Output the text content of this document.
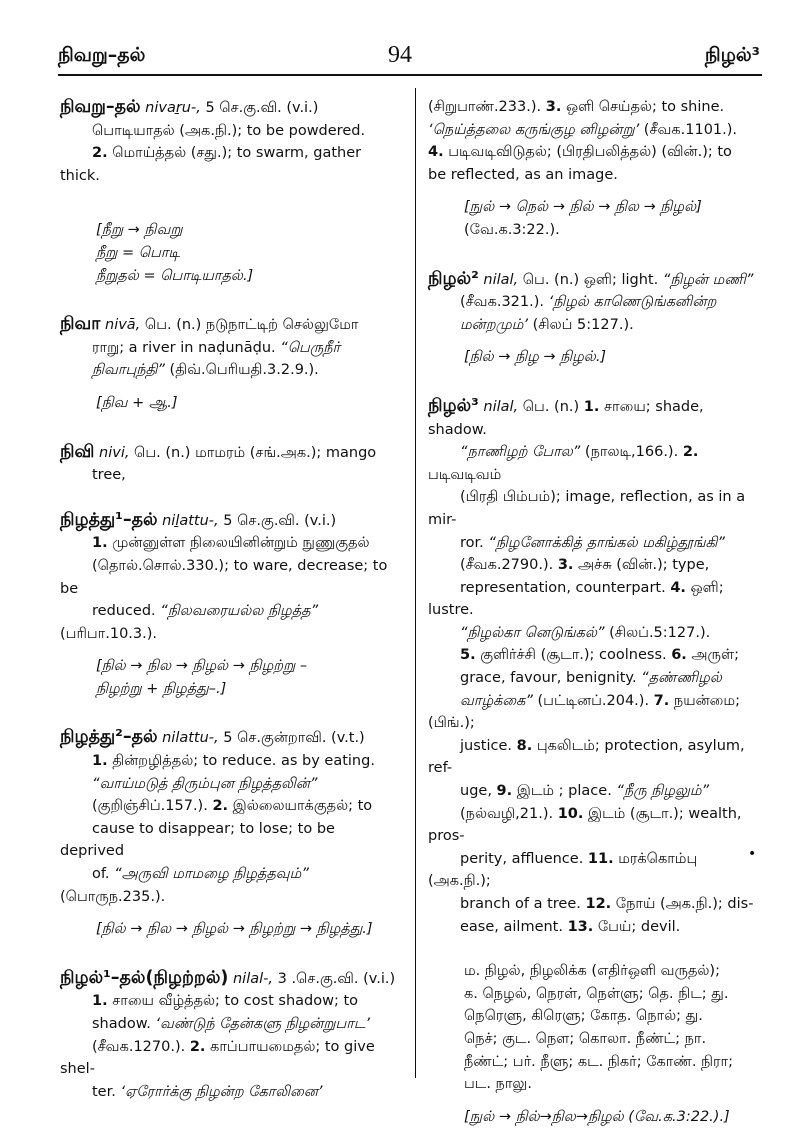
நிவறு–தல்	94	நிழல்³
நிவறு–தல் nivaṟu-, 5 செ.கு.வி. (v.i.)
பொடியாதல் (அக.நி.); to be powdered.
2. மொய்த்தல் (சது.); to swarm, gather thick.
[நீறு → நிவறு
நீறு = பொடி
நீறுதல் = பொடியாதல்.]
நிவா nivā, பெ. (n.) நடுநாட்டிற் செல்லுமோ
ராறு; a river in naḍunāḍu. “பெருநீர்
நிவாபுந்தி” (திவ்.பெரியதி.3.2.9.).
[நிவ + ஆ.]
நிவி nivi, பெ. (n.) மாமரம் (சங்.அக.); mango
tree,
நிழத்து¹–தல் niḻattu-, 5 செ.கு.வி. (v.i.)
1. முன்னுள்ள நிலையினின்றும் நுணுகுதல்
(தொல்.சொல்.330.); to ware, decrease; to be
reduced. “நிலவரையல்ல நிழத்த” (பரிபா.10.3.).
[நில் → நில → நிழல் → நிழற்று –
நிழற்று + நிழத்து–.]
நிழத்து²–தல் nilattu-, 5 செ.குன்றாவி. (v.t.)
1. தின்றழித்தல்; to reduce. as by eating.
“வாய்மடுத் திரும்புன நிழத்தலின்”
(குறிஞ்சிப்.157.). 2. இல்லையாக்குதல்; to
cause to disappear; to lose; to be deprived
of. “அருவி மாமழை நிழத்தவும்” (பொருந.235.).
[நில் → நில → நிழல் → நிழற்று → நிழத்து.]
நிழல்¹–தல்(நிழற்றல்) nilal-, 3 .செ.கு.வி. (v.i.)
1. சாயை வீழ்த்தல்; to cost shadow; to
shadow. ‘வண்டுந் தேன்களு நிழன்றுபாட’
(சீவக.1270.). 2. காப்பாயமைதல்; to give shel-
ter. ‘ஏரோர்க்கு நிழன்ற கோலினை’
(சிறுபாண்.233.). 3. ஒளி செய்தல்; to shine.
‘நெய்த்தலை கருங்குழ னிழன்று’ (சீவக.1101.).
4. படிவடிவிடுதல்; (பிரதிபலித்தல்) (வின்.); to
be reflected, as an image.
[நுல் → நெல் → நில் → நில → நிழல்]
(வே.க.3:22.).
நிழல்² nilal, பெ. (n.) ஒளி; light. “நிழன் மணி”
(சீவக.321.). ‘நிழல் காணெடுங்கனின்ற
மன்றமும்’ (சிலப் 5:127.).
[நில் → நிழ → நிழல்.]
நிழல்³ nilal, பெ. (n.) 1. சாயை; shade, shadow.
“நாணிழற் போல” (நாலடி,166.). 2. படிவடிவம்
(பிரதி பிம்பம்); image, reflection, as in a mir-
ror. “நிழனோக்கித் தாங்கல் மகிழ்தூங்கி”
(சீவக.2790.). 3. அச்சு (வின்.); type,
representation, counterpart. 4. ஒளி; lustre.
“நிழல்கா னெடுங்கல்” (சிலப்.5:127.).
5. குளிர்ச்சி (சூடா.); coolness. 6. அருள்;
grace, favour, benignity. “தண்ணிழல்
வாழ்க்கை” (பட்டினப்.204.). 7. நயன்மை; (பிங்.);
justice. 8. புகலிடம்; protection, asylum, ref-
uge, 9. இடம் ; place. “நீரு நிழலும்”
(நல்வழி,21.). 10. இடம் (சூடா.); wealth, pros-
perity, affluence. 11. மரக்கொம்பு (அக.நி.);
branch of a tree. 12. நோய் (அக.நி.); dis-
ease, ailment. 13. பேய்; devil.
ம. நிழல், நிழலிக்க (எதிர்ஒளி வருதல்);
க. நெழல், நெரள், நெள்ளு; தெ. நிட; து.
நெரெளு, கிரெளு; கோத. நொல்; து.
நெச்; குட. நெள; கொலா. நீண்ட்; நா.
நீண்ட்; பர். நீளு; கட. நிகர்; கோண். நிரா;
பட. நாலு.
[நுல் → நில்→நில→நிழல் (வே.க.3:22.).]
•
